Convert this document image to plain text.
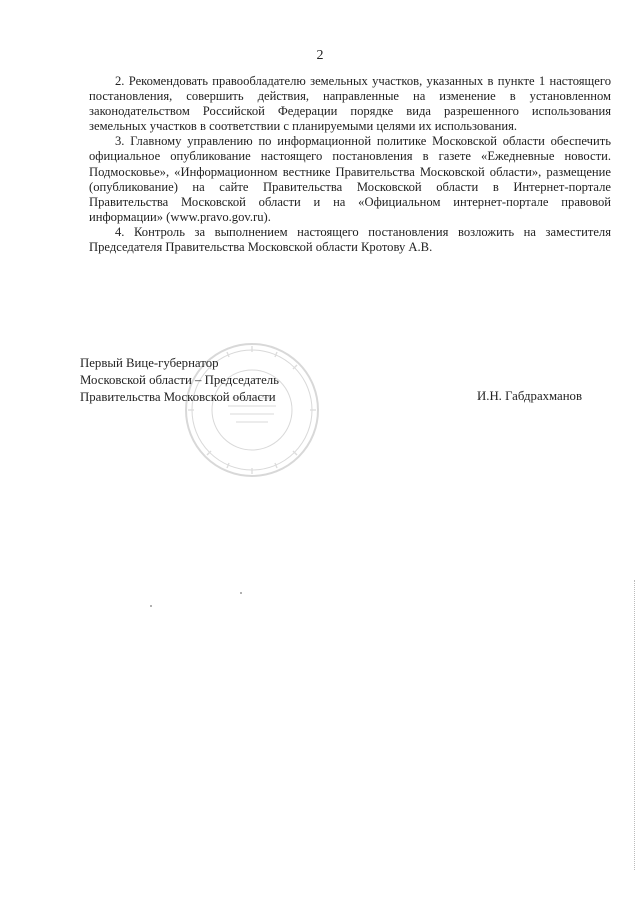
2

2. Рекомендовать правообладателю земельных участков, указанных в пункте 1 настоящего постановления, совершить действия, направленные на изменение в установленном законодательством Российской Федерации порядке вида разрешенного использования земельных участков в соответствии с планируемыми целями их использования.

3. Главному управлению по информационной политике Московской области обеспечить официальное опубликование настоящего постановления в газете «Ежедневные новости. Подмосковье», «Информационном вестнике Правительства Московской области», размещение (опубликование) на сайте Правительства Московской области в Интернет-портале Правительства Московской области и на «Официальном интернет-портале правовой информации» (www.pravo.gov.ru).

4. Контроль за выполнением настоящего постановления возложить на заместителя Председателя Правительства Московской области Кротову А.В.

Первый Вице-губернатор
Московской области – Председатель
Правительства Московской области	И.Н. Габдрахманов
